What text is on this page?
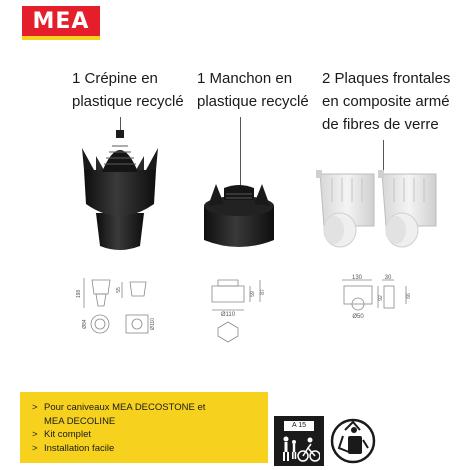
MEA
1 Crépine en
plastique recyclé
1 Manchon en
plastique recyclé
2 Plaques frontales
en composite armé
de fibres de verre
198	55
Ø84	Ø110
59 87
Ø110
130	30
92	66
Ø50
> Pour caniveaux MEA DECOSTONE et
MEA DECOLINE
> Kit complet
> Installation facile
A 15
